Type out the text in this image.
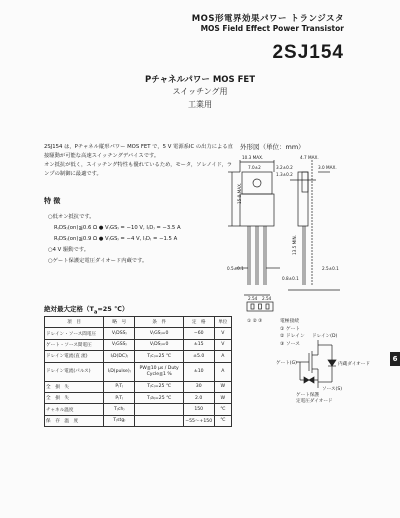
MOS形電界効果パワー トランジスタ
MOS Field Effect Power Transistor
2SJ154
Pチャネルパワー MOS FET
スイッチング用
工業用

2SJ154 は，Pチャネル縦形パワー MOS FET で，5 V 電源系IC の出力による直接駆動が可能な高速スイッチングデバイスです。

オン抵抗が低く，スイッチング特性も優れているため，モータ，ソレノイド，ランプの制御に最適です。

特 徴
○低オン抵抗です。
R₍DS₎(on)≦0.6 Ω ● V₍GS₎ = −10 V, I₍D₎ = −3.5 A
R₍DS₎(on)≦0.9 Ω ● V₍GS₎ = −4 V, I₍D₎ = −1.5 A
○4 V 駆動です。
○ゲート保護定電圧ダイオード内蔵です。
外形図（単位：mm）
10.3 MAX.
7.0±2	3.2±0.2
4.7 MAX.
1.3±0.2
3.0 MAX.
15.0 MAX.
13.5 MIN.
0.8±0.1
0.5±0.1	2.5±0.1
2.54 2.54
① ② ③	電極接続
① ゲート
② ドレイン
③ ソース
ドレイン(D)
ゲート(G)	内蔵ダイオード
ソース(S)
ゲート保護
定電圧ダイオード
絶対最大定格（$T_a=25$ ℃）
項　目	略　号	条　件	定　格	単位
ドレイン・ソース間電圧	V₍DSS₎	V₍GS₎=0	−60	V
ゲート・ソース間電圧	V₍GSS₎	V₍DS₎=0	±15	V
ドレイン電流(直 流)	I₍D(DC)₎	T₍c₎=25 ℃	±5.0	A
ドレイン電流(パルス)	I₍D(pulse)₎	PW≦10 μs / Duty Cycle≦1 %	±10	A
全　損　失	P₍T₎	T₍c₎=25 ℃	30	W
全　損　失	P₍T₎	T₍a₎=25 ℃	2.0	W
チャネル温度	T₍ch₎		150	℃
保　存　温　度	T₍stg₎		−55～+150	℃
6
